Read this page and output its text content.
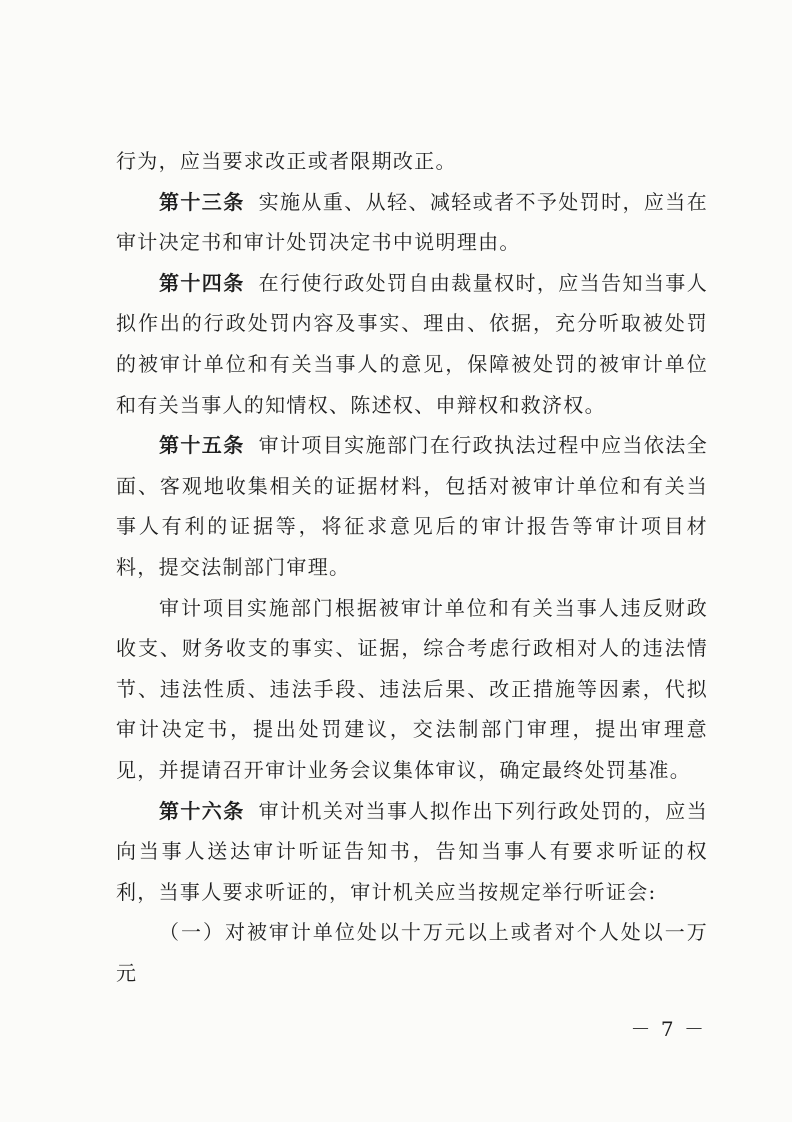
行为，应当要求改正或者限期改正。

第十三条 实施从重、从轻、减轻或者不予处罚时，应当在审计决定书和审计处罚决定书中说明理由。

第十四条 在行使行政处罚自由裁量权时，应当告知当事人拟作出的行政处罚内容及事实、理由、依据，充分听取被处罚的被审计单位和有关当事人的意见，保障被处罚的被审计单位和有关当事人的知情权、陈述权、申辩权和救济权。

第十五条 审计项目实施部门在行政执法过程中应当依法全面、客观地收集相关的证据材料，包括对被审计单位和有关当事人有利的证据等，将征求意见后的审计报告等审计项目材料，提交法制部门审理。

审计项目实施部门根据被审计单位和有关当事人违反财政收支、财务收支的事实、证据，综合考虑行政相对人的违法情节、违法性质、违法手段、违法后果、改正措施等因素，代拟审计决定书，提出处罚建议，交法制部门审理，提出审理意见，并提请召开审计业务会议集体审议，确定最终处罚基准。

第十六条 审计机关对当事人拟作出下列行政处罚的，应当向当事人送达审计听证告知书，告知当事人有要求听证的权利，当事人要求听证的，审计机关应当按规定举行听证会:

（一）对被审计单位处以十万元以上或者对个人处以一万元

－ 7 －
